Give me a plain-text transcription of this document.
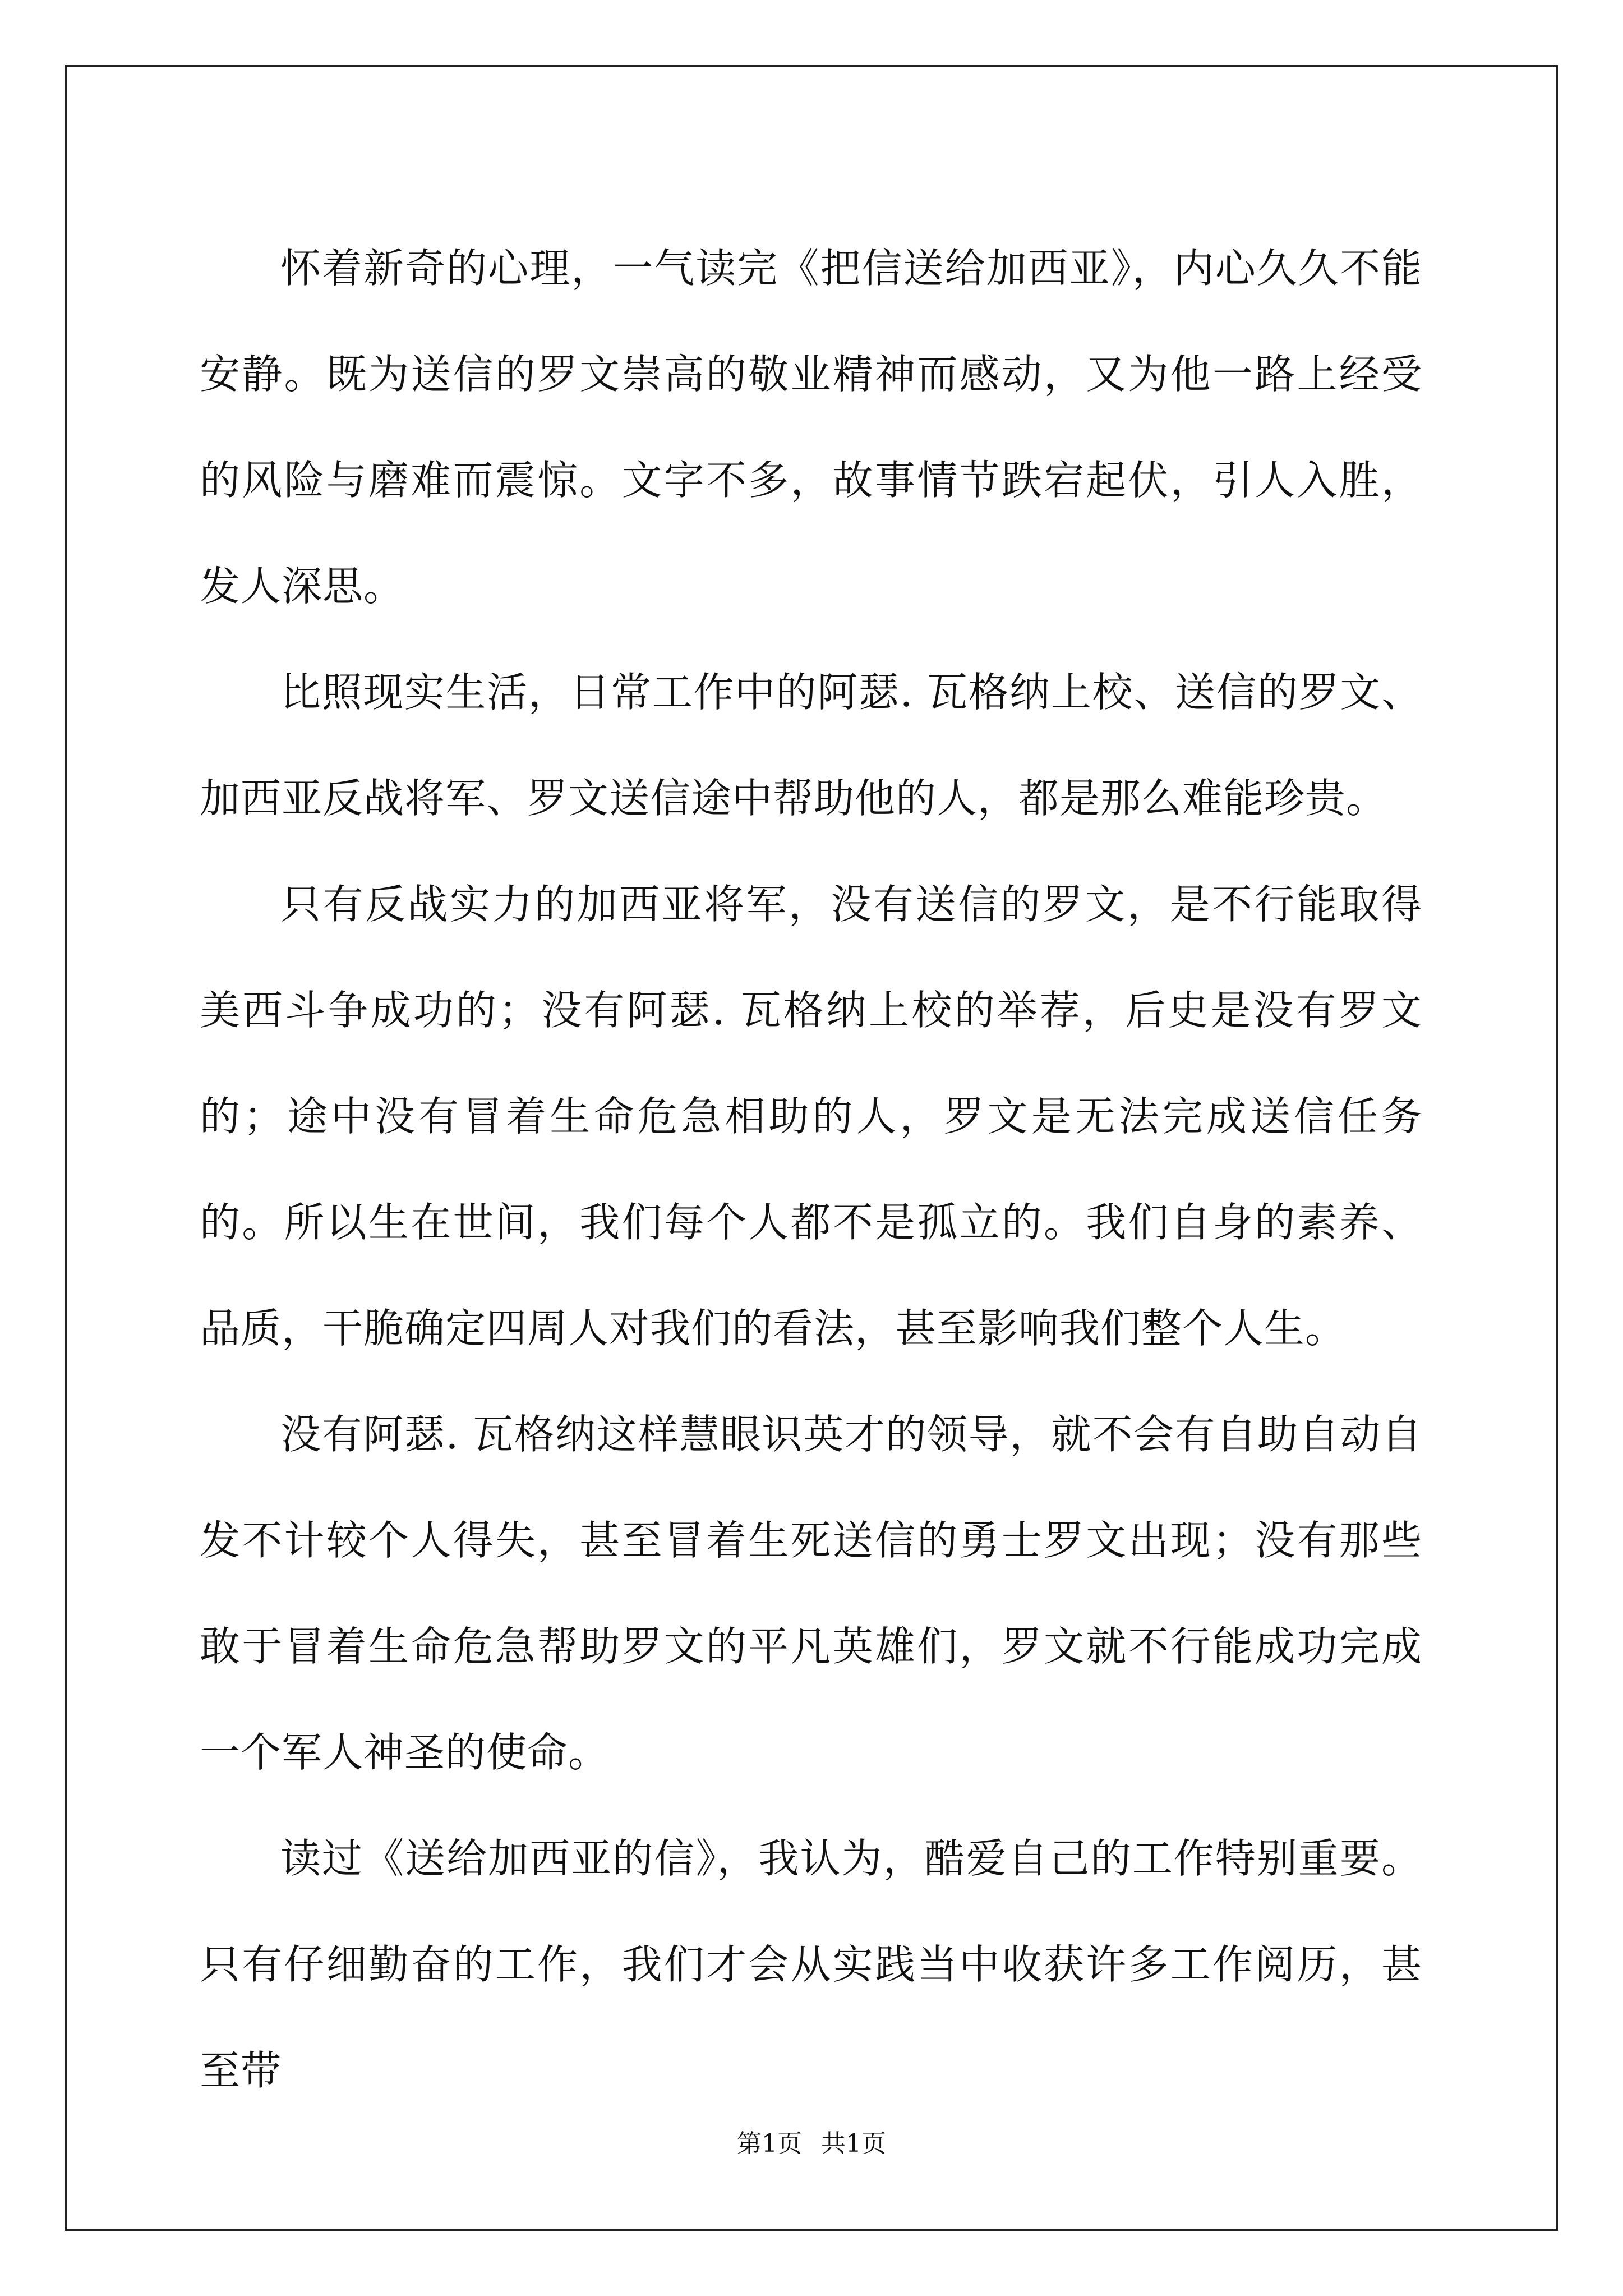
怀着新奇的心理，一气读完《把信送给加西亚》，内心久久不能安静。既为送信的罗文崇高的敬业精神而感动，又为他一路上经受的风险与磨难而震惊。文字不多，故事情节跌宕起伏，引人入胜，发人深思。

比照现实生活，日常工作中的阿瑟. 瓦格纳上校、送信的罗文、加西亚反战将军、罗文送信途中帮助他的人，都是那么难能珍贵。

只有反战实力的加西亚将军，没有送信的罗文，是不行能取得美西斗争成功的；没有阿瑟. 瓦格纳上校的举荐，后史是没有罗文的；途中没有冒着生命危急相助的人，罗文是无法完成送信任务的。所以生在世间，我们每个人都不是孤立的。我们自身的素养、品质，干脆确定四周人对我们的看法，甚至影响我们整个人生。

没有阿瑟. 瓦格纳这样慧眼识英才的领导，就不会有自助自动自发不计较个人得失，甚至冒着生死送信的勇士罗文出现；没有那些敢于冒着生命危急帮助罗文的平凡英雄们，罗文就不行能成功完成一个军人神圣的使命。

读过《送给加西亚的信》，我认为，酷爱自己的工作特别重要。只有仔细勤奋的工作，我们才会从实践当中收获许多工作阅历，甚至带

第1页 共1页
